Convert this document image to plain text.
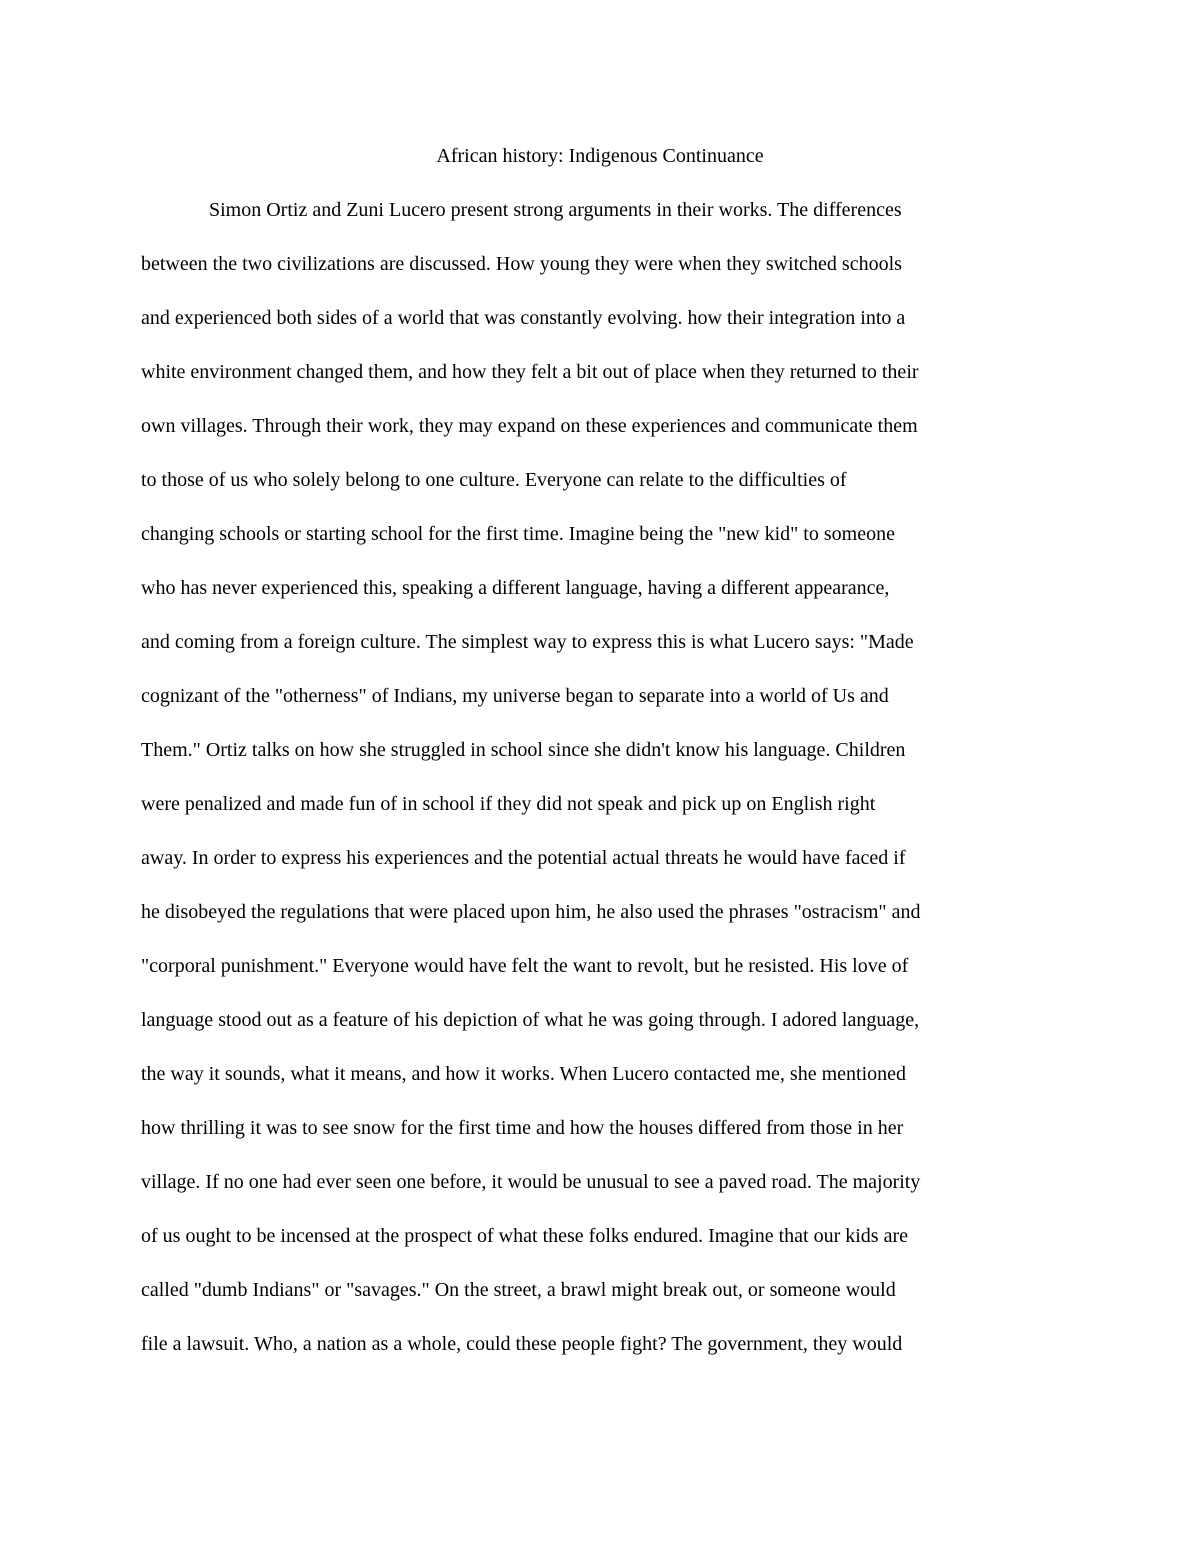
African history: Indigenous Continuance
Simon Ortiz and Zuni Lucero present strong arguments in their works. The differences
between the two civilizations are discussed. How young they were when they switched schools
and experienced both sides of a world that was constantly evolving. how their integration into a
white environment changed them, and how they felt a bit out of place when they returned to their
own villages. Through their work, they may expand on these experiences and communicate them
to those of us who solely belong to one culture. Everyone can relate to the difficulties of
changing schools or starting school for the first time. Imagine being the "new kid" to someone
who has never experienced this, speaking a different language, having a different appearance,
and coming from a foreign culture. The simplest way to express this is what Lucero says: "Made
cognizant of the "otherness" of Indians, my universe began to separate into a world of Us and
Them." Ortiz talks on how she struggled in school since she didn't know his language. Children
were penalized and made fun of in school if they did not speak and pick up on English right
away. In order to express his experiences and the potential actual threats he would have faced if
he disobeyed the regulations that were placed upon him, he also used the phrases "ostracism" and
"corporal punishment." Everyone would have felt the want to revolt, but he resisted. His love of
language stood out as a feature of his depiction of what he was going through. I adored language,
the way it sounds, what it means, and how it works. When Lucero contacted me, she mentioned
how thrilling it was to see snow for the first time and how the houses differed from those in her
village. If no one had ever seen one before, it would be unusual to see a paved road. The majority
of us ought to be incensed at the prospect of what these folks endured. Imagine that our kids are
called "dumb Indians" or "savages." On the street, a brawl might break out, or someone would
file a lawsuit. Who, a nation as a whole, could these people fight? The government, they would
